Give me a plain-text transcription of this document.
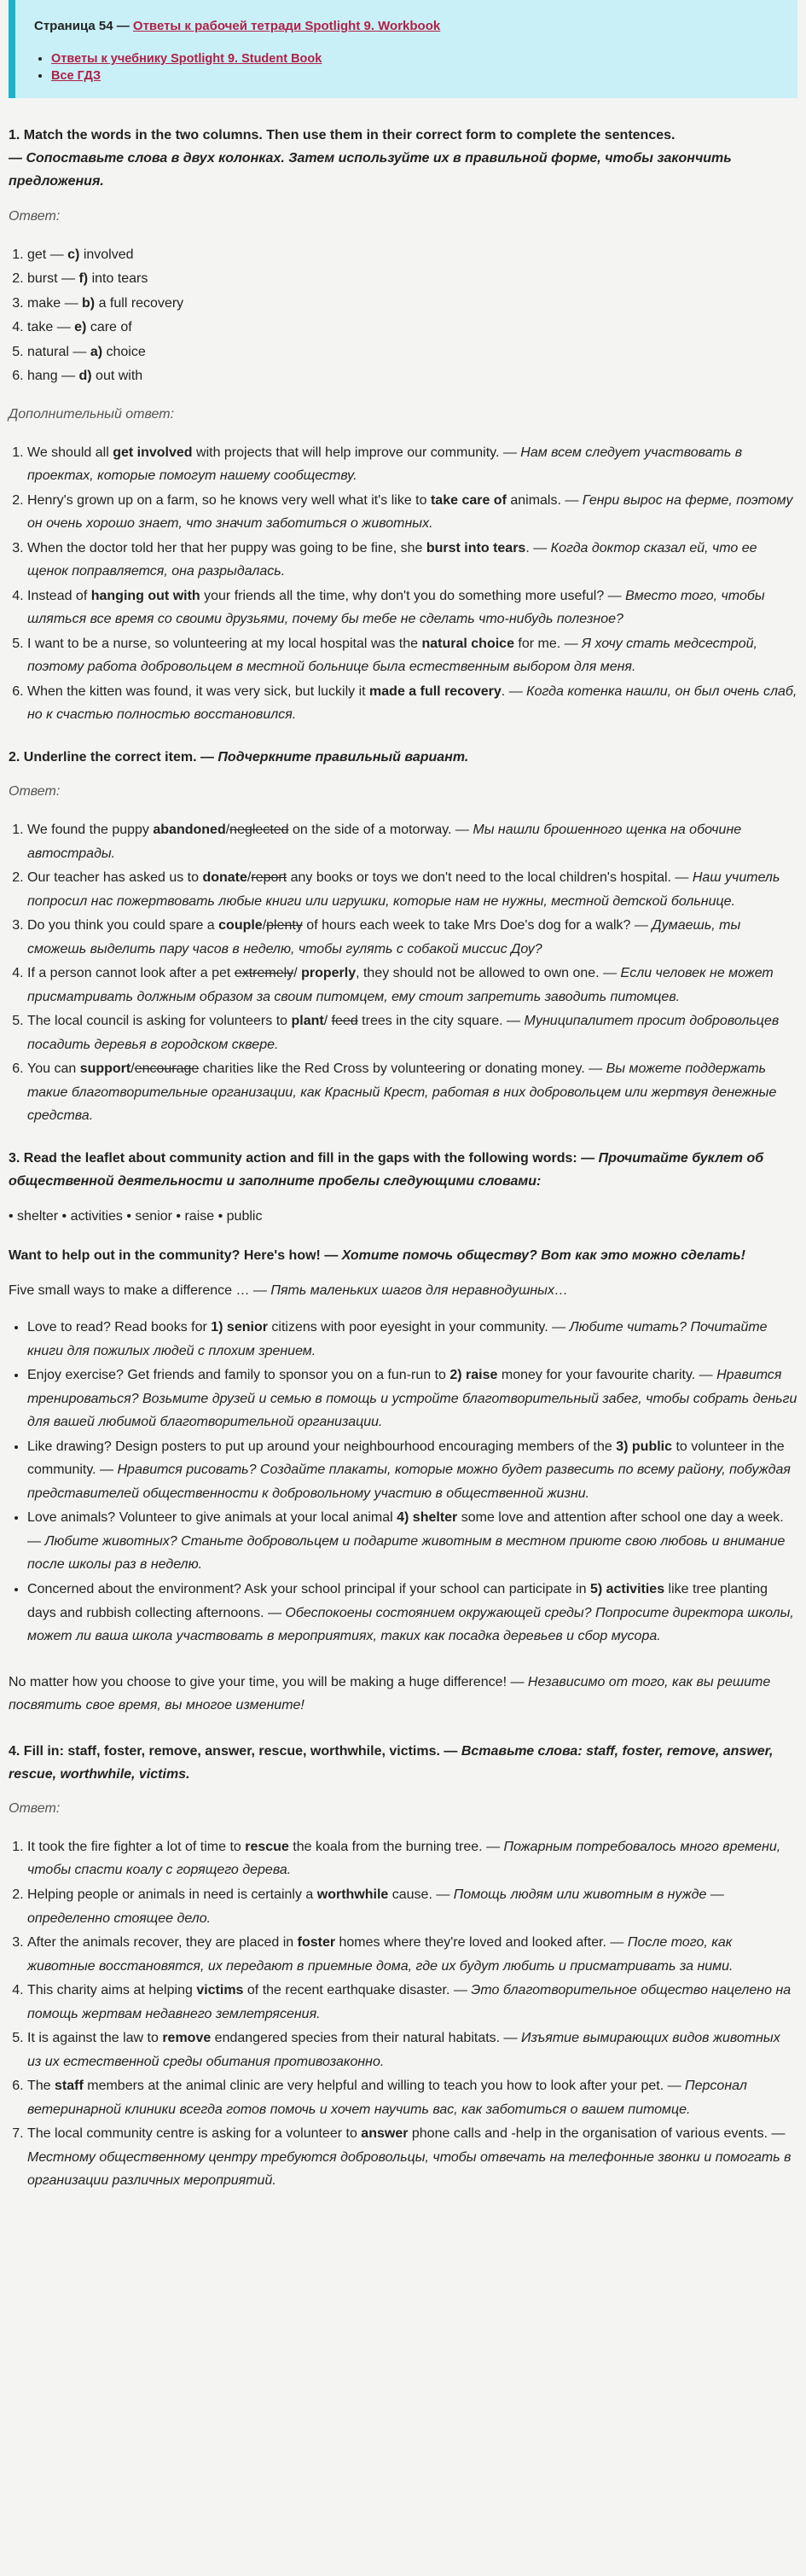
Страница 54 — Ответы к рабочей тетради Spotlight 9. Workbook
• Ответы к учебнику Spotlight 9. Student Book
• Все ГДЗ
1. Match the words in the two columns. Then use them in their correct form to complete the sentences.
— Сопоставьте слова в двух колонках. Затем используйте их в правильной форме, чтобы закончить предложения.
Ответ:
1. get — c) involved
2. burst — f) into tears
3. make — b) a full recovery
4. take — e) care of
5. natural — a) choice
6. hang — d) out with
Дополнительный ответ:
1. We should all get involved with projects that will help improve our community. — Нам всем следует участвовать в проектах, которые помогут нашему сообществу.
2. Henry's grown up on a farm, so he knows very well what it's like to take care of animals. — Генри вырос на ферме, поэтому он очень хорошо знает, что значит заботиться о животных.
3. When the doctor told her that her puppy was going to be fine, she burst into tears. — Когда доктор сказал ей, что ее щенок поправляется, она разрыдалась.
4. Instead of hanging out with your friends all the time, why don't you do something more useful? — Вместо того, чтобы шляться все время со своими друзьями, почему бы тебе не сделать что-нибудь полезное?
5. I want to be a nurse, so volunteering at my local hospital was the natural choice for me. — Я хочу стать медсестрой, поэтому работа добровольцем в местной больнице была естественным выбором для меня.
6. When the kitten was found, it was very sick, but luckily it made a full recovery. — Когда котенка нашли, он был очень слаб, но к счастью полностью восстановился.
2. Underline the correct item. — Подчеркните правильный вариант.
Ответ:
1. We found the puppy abandoned/neglected on the side of a motorway. — Мы нашли брошенного щенка на обочине автострады.
2. Our teacher has asked us to donate/report any books or toys we don't need to the local children's hospital. — Наш учитель попросил нас пожертвовать любые книги или игрушки, которые нам не нужны, местной детской больнице.
3. Do you think you could spare a couple/plenty of hours each week to take Mrs Doe's dog for a walk? — Думаешь, ты сможешь выделить пару часов в неделю, чтобы гулять с собакой миссис Доу?
4. If a person cannot look after a pet extremely/ properly, they should not be allowed to own one. — Если человек не может присматривать должным образом за своим питомцем, ему стоит запретить заводить питомцев.
5. The local council is asking for volunteers to plant/ feed trees in the city square. — Муниципалитет просит добровольцев посадить деревья в городском сквере.
6. You can support/encourage charities like the Red Cross by volunteering or donating money. — Вы можете поддержать такие благотворительные организации, как Красный Крест, работая в них добровольцем или жертвуя денежные средства.
3. Read the leaflet about community action and fill in the gaps with the following words: — Прочитайте буклет об общественной деятельности и заполните пробелы следующими словами:

• shelter • activities • senior • raise • public

Want to help out in the community? Here's how! — Хотите помочь обществу? Вот как это можно сделать!

Five small ways to make a difference … — Пять маленьких шагов для неравнодушных…

• Love to read? Read books for 1) senior citizens with poor eyesight in your community. — Любите читать? Почитайте книги для пожилых людей с плохим зрением.
• Enjoy exercise? Get friends and family to sponsor you on a fun-run to 2) raise money for your favourite charity. — Нравится тренироваться? Возьмите друзей и семью в помощь и устройте благотворительный забег, чтобы собрать деньги для вашей любимой благотворительной организации.
• Like drawing? Design posters to put up around your neighbourhood encouraging members of the 3) public to volunteer in the community. — Нравится рисовать? Создайте плакаты, которые можно будет развесить по всему району, побуждая представителей общественности к добровольному участию в общественной жизни.
• Love animals? Volunteer to give animals at your local animal 4) shelter some love and attention after school one day a week. — Любите животных? Станьте добровольцем и подарите животным в местном приюте свою любовь и внимание после школы раз в неделю.
• Concerned about the environment? Ask your school principal if your school can participate in 5) activities like tree planting days and rubbish collecting afternoons. — Обеспокоены состоянием окружающей среды? Попросите директора школы, может ли ваша школа участвовать в мероприятиях, таких как посадка деревьев и сбор мусора.

No matter how you choose to give your time, you will be making a huge difference! — Независимо от того, как вы решите посвятить свое время, вы многое измените!

4. Fill in: staff, foster, remove, answer, rescue, worthwhile, victims. — Вставьте слова: staff, foster, remove, answer, rescue, worthwhile, victims.
Ответ:
1. It took the fire fighter a lot of time to rescue the koala from the burning tree. — Пожарным потребовалось много времени, чтобы спасти коалу с горящего дерева.
2. Helping people or animals in need is certainly a worthwhile cause. — Помощь людям или животным в нужде — определенно стоящее дело.
3. After the animals recover, they are placed in foster homes where they're loved and looked after. — После того, как животные восстановятся, их передают в приемные дома, где их будут любить и присматривать за ними.
4. This charity aims at helping victims of the recent earthquake disaster. — Это благотворительное общество нацелено на помощь жертвам недавнего землетрясения.
5. It is against the law to remove endangered species from their natural habitats. — Изъятие вымирающих видов животных из их естественной среды обитания противозаконно.
6. The staff members at the animal clinic are very helpful and willing to teach you how to look after your pet. — Персонал ветеринарной клиники всегда готов помочь и хочет научить вас, как заботиться о вашем питомце.
7. The local community centre is asking for a volunteer to answer phone calls and -help in the organisation of various events. — Местному общественному центру требуются добровольцы, чтобы отвечать на телефонные звонки и помогать в организации различных мероприятий.
